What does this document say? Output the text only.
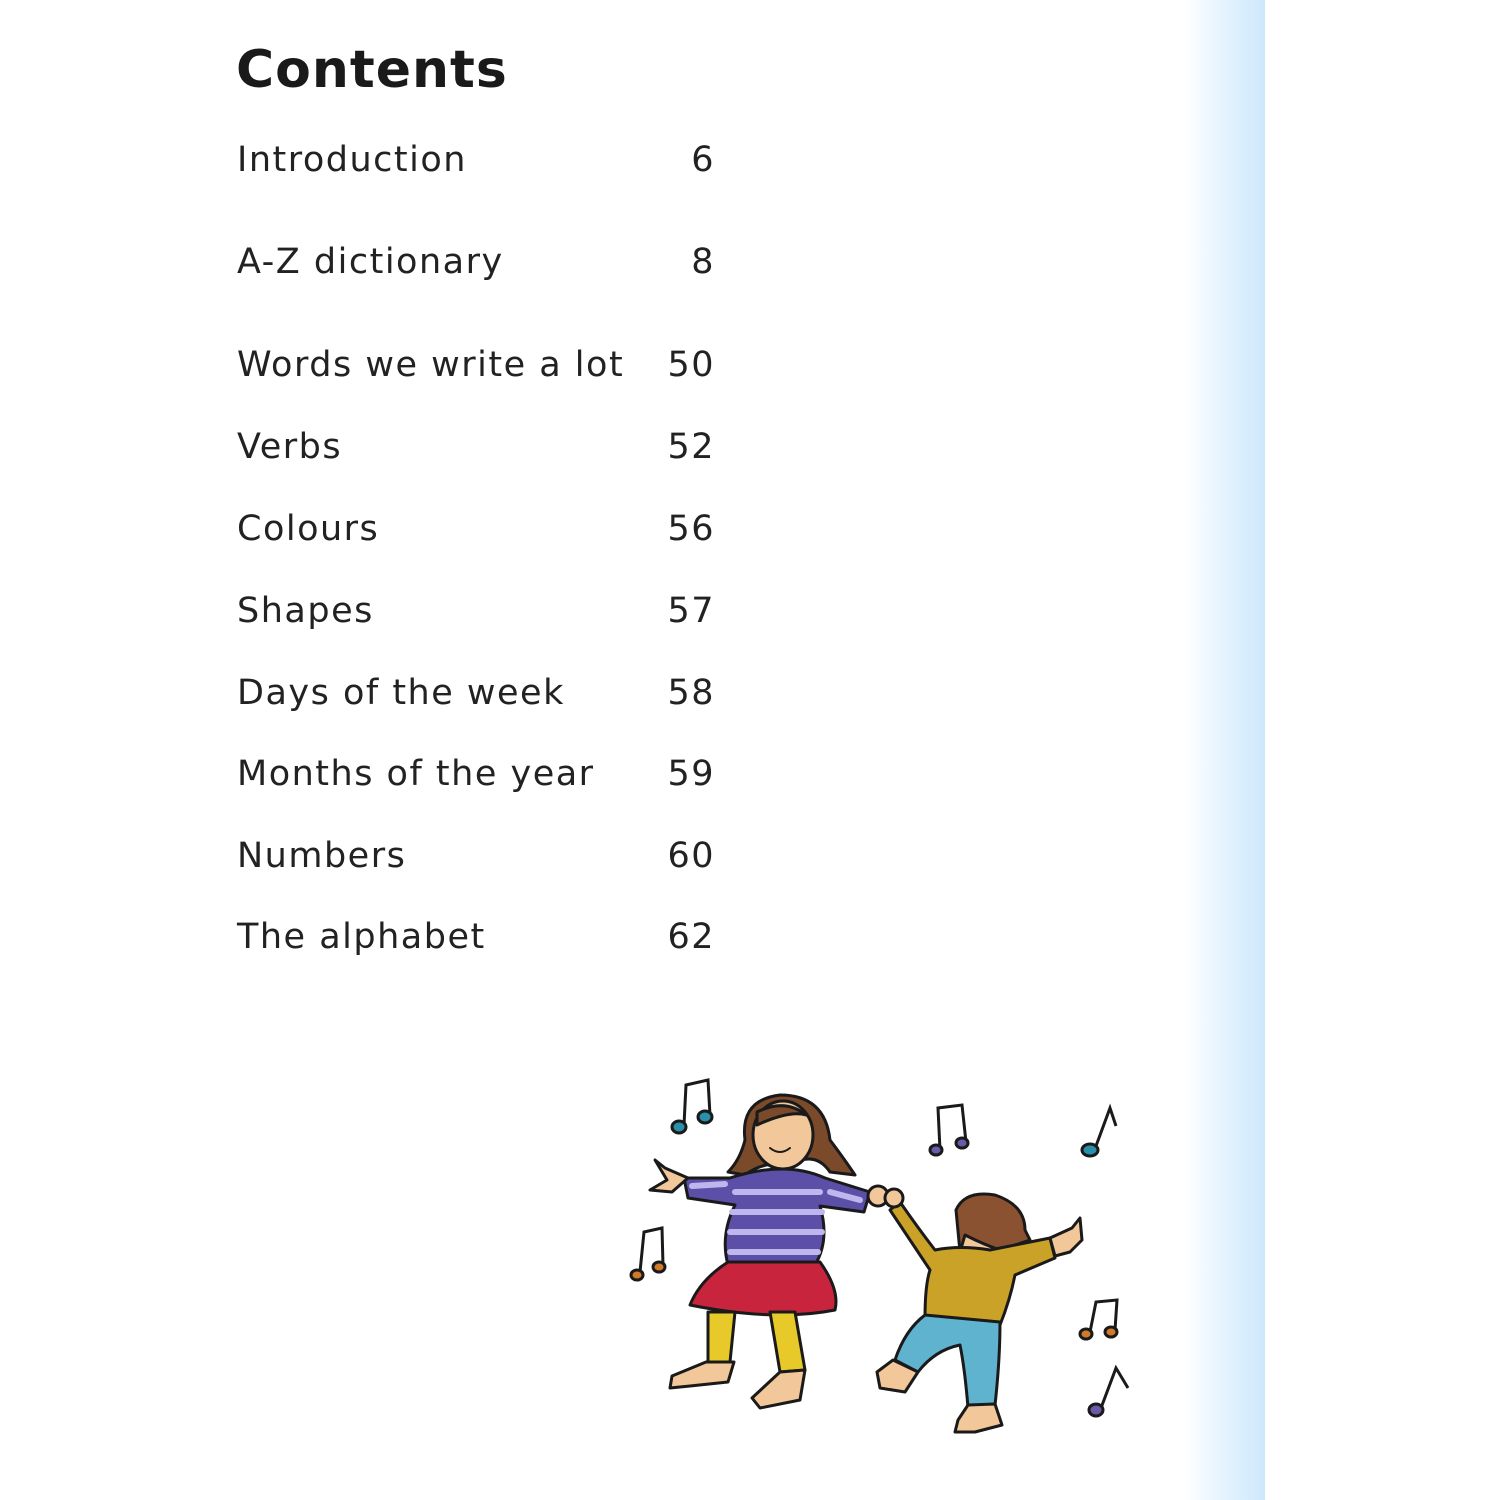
Contents
Introduction	6
A-Z dictionary	8
Words we write a lot	50
Verbs	52
Colours	56
Shapes	57
Days of the week	58
Months of the year	59
Numbers	60
The alphabet	62
